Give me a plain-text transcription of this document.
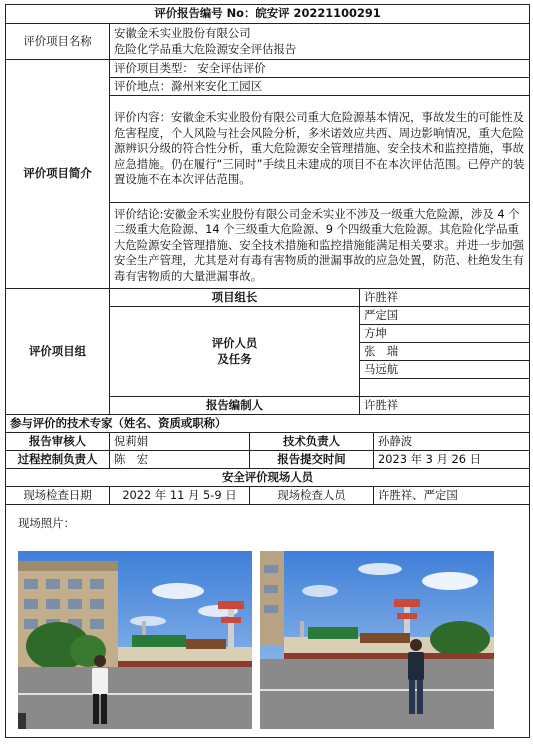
评价报告编号 No：皖安评 20221100291				
评价项目名称	安徽金禾实业股份有限公司
危险化学品重大危险源安全评估报告			

评价项目简介	评价项目类型： 安全评估评价			
	评价地点：滁州来安化工园区			
	评价内容：安徽金禾实业股份有限公司重大危险源基本情况，事故发生的可能性及危害程度，个人风险与社会风险分析，多米诺效应共西、周边影响情况，重大危险源辨识分级的符合性分析，重大危险源安全管理措施、安全技术和监控措施，事故应急措施。仍在履行“三同时”手续且未建成的项目不在本次评估范围。已停产的装置设施不在本次评估范围。			
	评价结论:安徽金禾实业股份有限公司金禾实业不涉及一级重大危险源，涉及 4 个二级重大危险源、14 个三级重大危险源、9 个四级重大危险源。其危险化学品重大危险源安全管理措施、安全技术措施和监控措施能满足相关要求。并进一步加强安全生产管理，尤其是对有毒有害物质的泄漏事故的应急处置，防范、杜绝发生有毒有害物质的大量泄漏事故。			
评价项目组	项目组长		许胜祥	

	评价人员
及任务		严定国	
			方坤	
			张　瑞	
			马远航	

	报告编制人		许胜祥	
参与评价的技术专家（姓名、资质或职称）				
报告审核人	倪莉娟	技术负责人		孙静波
过程控制负责人	陈　宏	报告提交时间		2023 年 3 月 26 日
安全评价现场人员				
现场检查日期	2022 年 11 月 5-9 日	现场检查人员		许胜祥、严定国

现场照片：				
